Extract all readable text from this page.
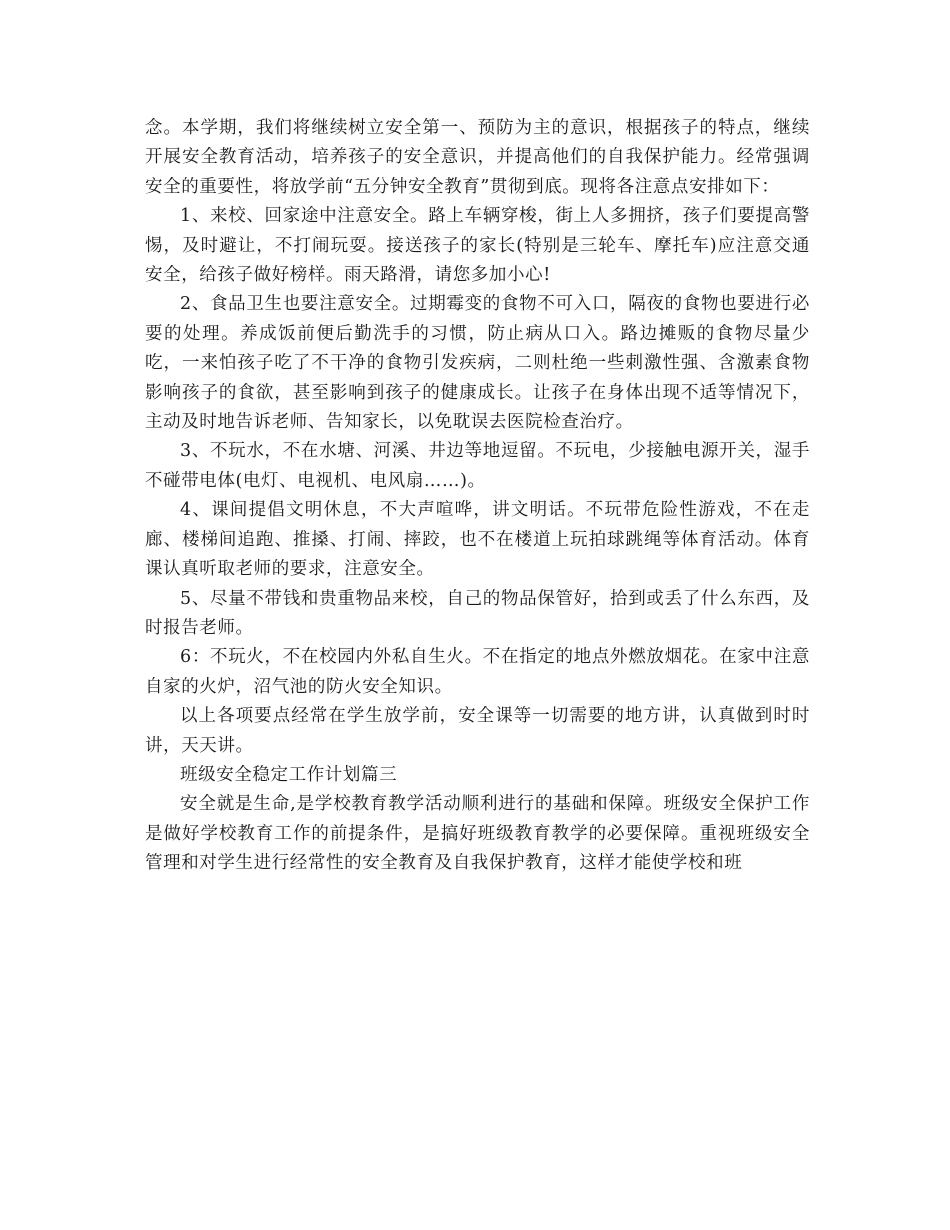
念。本学期，我们将继续树立安全第一、预防为主的意识，根据孩子的特点，继续开展安全教育活动，培养孩子的安全意识，并提高他们的自我保护能力。经常强调安全的重要性，将放学前“五分钟安全教育”贯彻到底。现将各注意点安排如下：

1、来校、回家途中注意安全。路上车辆穿梭，街上人多拥挤，孩子们要提高警惕，及时避让，不打闹玩耍。接送孩子的家长(特别是三轮车、摩托车)应注意交通安全，给孩子做好榜样。雨天路滑，请您多加小心!

2、食品卫生也要注意安全。过期霉变的食物不可入口，隔夜的食物也要进行必要的处理。养成饭前便后勤洗手的习惯，防止病从口入。路边摊贩的食物尽量少吃，一来怕孩子吃了不干净的食物引发疾病，二则杜绝一些刺激性强、含激素食物影响孩子的食欲，甚至影响到孩子的健康成长。让孩子在身体出现不适等情况下，主动及时地告诉老师、告知家长，以免耽误去医院检查治疗。

3、不玩水，不在水塘、河溪、井边等地逗留。不玩电，少接触电源开关，湿手不碰带电体(电灯、电视机、电风扇……)。

4、课间提倡文明休息，不大声喧哗，讲文明话。不玩带危险性游戏，不在走廊、楼梯间追跑、推搡、打闹、摔跤，也不在楼道上玩拍球跳绳等体育活动。体育课认真听取老师的要求，注意安全。

5、尽量不带钱和贵重物品来校，自己的物品保管好，拾到或丢了什么东西，及时报告老师。

6：不玩火，不在校园内外私自生火。不在指定的地点外燃放烟花。在家中注意自家的火炉，沼气池的防火安全知识。

以上各项要点经常在学生放学前，安全课等一切需要的地方讲，认真做到时时讲，天天讲。

班级安全稳定工作计划篇三

安全就是生命,是学校教育教学活动顺利进行的基础和保障。班级安全保护工作是做好学校教育工作的前提条件，是搞好班级教育教学的必要保障。重视班级安全管理和对学生进行经常性的安全教育及自我保护教育，这样才能使学校和班
